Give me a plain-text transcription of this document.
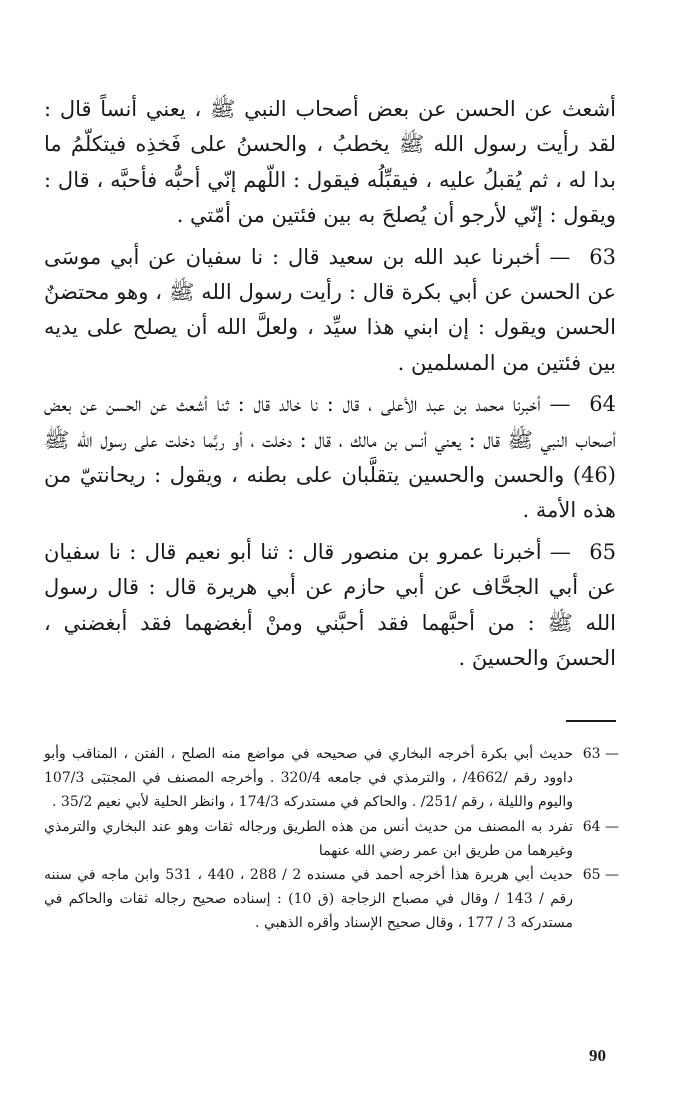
أشعث عن الحسن عن بعض أصحاب النبي ﷺ ، يعني أنساً قال : لقد رأيت رسول الله ﷺ يخطبُ ، والحسنُ على فَخذِه فيتكلّمُ ما بدا له ، ثم يُقبلُ عليه ، فيقبِّلُه فيقول : اللّهم إنّي أحبُّه فأحبَّه ، قال : ويقول : إنّي لأرجو أن يُصلحَ به بين فئتين من أمّتي .

63 — أخبرنا عبد الله بن سعيد قال : نا سفيان عن أبي موسَى عن الحسن عن أبي بكرة قال : رأيت رسول الله ﷺ ، وهو محتضنٌ الحسن ويقول : إن ابني هذا سيِّد ، ولعلَّ الله أن يصلح على يديه بين فئتين من المسلمين .

64 — أخبرنا محمد بن عبد الأعلى ، قال : نا خالد قال : ثنا أشعث عن الحسن عن بعض أصحاب النبي ﷺ قال : يعني أنس بن مالك ، قال : دخلت ، أو ربَّما دخلت على رسول الله ﷺ (46) والحسن والحسين يتقلَّبان على بطنه ، ويقول : ريحانتيّ من هذه الأمة .

65 — أخبرنا عمرو بن منصور قال : ثنا أبو نعيم قال : نا سفيان عن أبي الجحَّاف عن أبي حازم عن أبي هريرة قال : قال رسول الله ﷺ : من أحبَّهما فقد أحبَّني ومنْ أبغضهما فقد أبغضني ، الحسنَ والحسينَ .

63 —
حديث أبي بكرة أخرجه البخاري في صحيحه في مواضع منه الصلح ، الفتن ، المناقب وأبو داوود رقم /4662/ ، والترمذي في جامعه 320/4 . وأخرجه المصنف في المجتبَى 107/3 واليوم والليلة ، رقم /251/ . والحاكم في مستدركه 174/3 ، وانظر الحلية لأبي نعيم 35/2 .
64 —
تفرد به المصنف من حديث أنس من هذه الطريق ورجاله ثقات وهو عند البخاري والترمذي وغيرهما من طريق ابن عمر رضي الله عنهما
65 —
حديث أبي هريرة هذا أخرجه أحمد في مسنده 2 / 288 ، 440 ، 531 وابن ماجه في سننه رقم / 143 / وقال في مصباح الزجاجة (ق 10) : إسناده صحيح رجاله ثقات والحاكم في مستدركه 3 / 177 ، وقال صحيح الإسناد وأقره الذهبي .
90
